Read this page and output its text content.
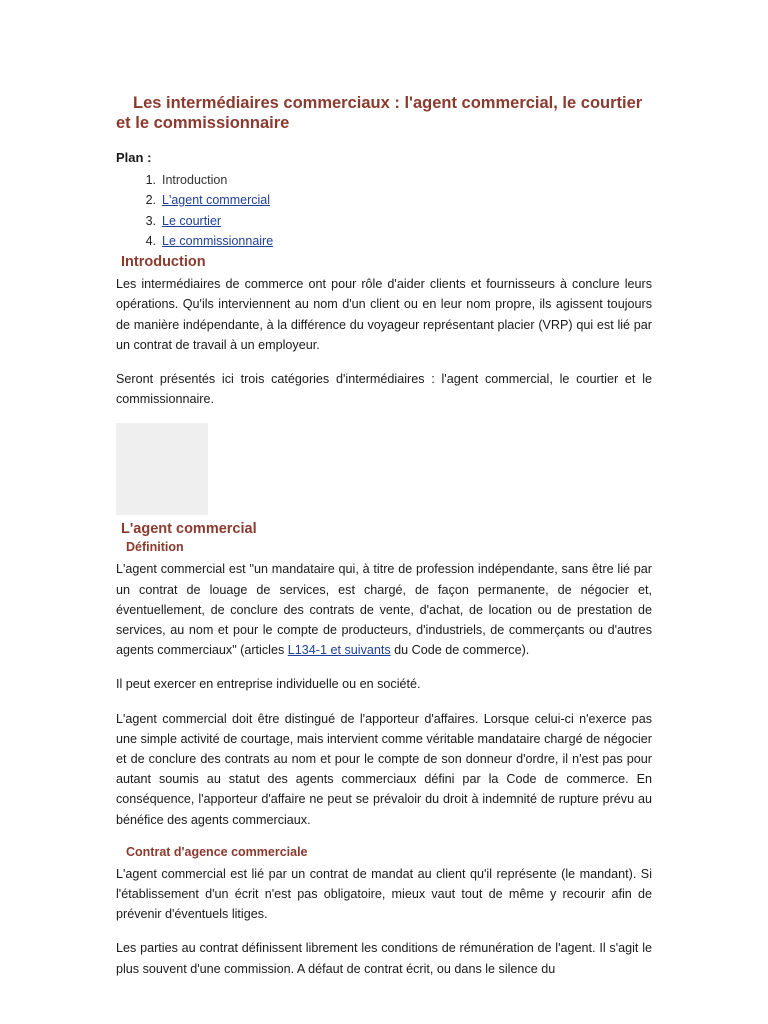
Les intermédiaires commerciaux : l'agent commercial, le courtier et le commissionnaire
Plan :
1. Introduction
2. L'agent commercial
3. Le courtier
4. Le commissionnaire
Introduction

Les intermédiaires de commerce ont pour rôle d'aider clients et fournisseurs à conclure leurs opérations. Qu'ils interviennent au nom d'un client ou en leur nom propre, ils agissent toujours de manière indépendante, à la différence du voyageur représentant placier (VRP) qui est lié par un contrat de travail à un employeur.

Seront présentés ici trois catégories d'intermédiaires : l'agent commercial, le courtier et le commissionnaire.

L'agent commercial
Définition

L'agent commercial est "un mandataire qui, à titre de profession indépendante, sans être lié par un contrat de louage de services, est chargé, de façon permanente, de négocier et, éventuellement, de conclure des contrats de vente, d'achat, de location ou de prestation de services, au nom et pour le compte de producteurs, d'industriels, de commerçants ou d'autres agents commerciaux" (articles L134-1 et suivants du Code de commerce).

Il peut exercer en entreprise individuelle ou en société.

L'agent commercial doit être distingué de l'apporteur d'affaires. Lorsque celui-ci n'exerce pas une simple activité de courtage, mais intervient comme véritable mandataire chargé de négocier et de conclure des contrats au nom et pour le compte de son donneur d'ordre, il n'est pas pour autant soumis au statut des agents commerciaux défini par la Code de commerce. En conséquence, l'apporteur d'affaire ne peut se prévaloir du droit à indemnité de rupture prévu au bénéfice des agents commerciaux.

Contrat d'agence commerciale

L'agent commercial est lié par un contrat de mandat au client qu'il représente (le mandant). Si l'établissement d'un écrit n'est pas obligatoire, mieux vaut tout de même y recourir afin de prévenir d'éventuels litiges.

Les parties au contrat définissent librement les conditions de rémunération de l'agent. Il s'agit le plus souvent d'une commission. A défaut de contrat écrit, ou dans le silence du
